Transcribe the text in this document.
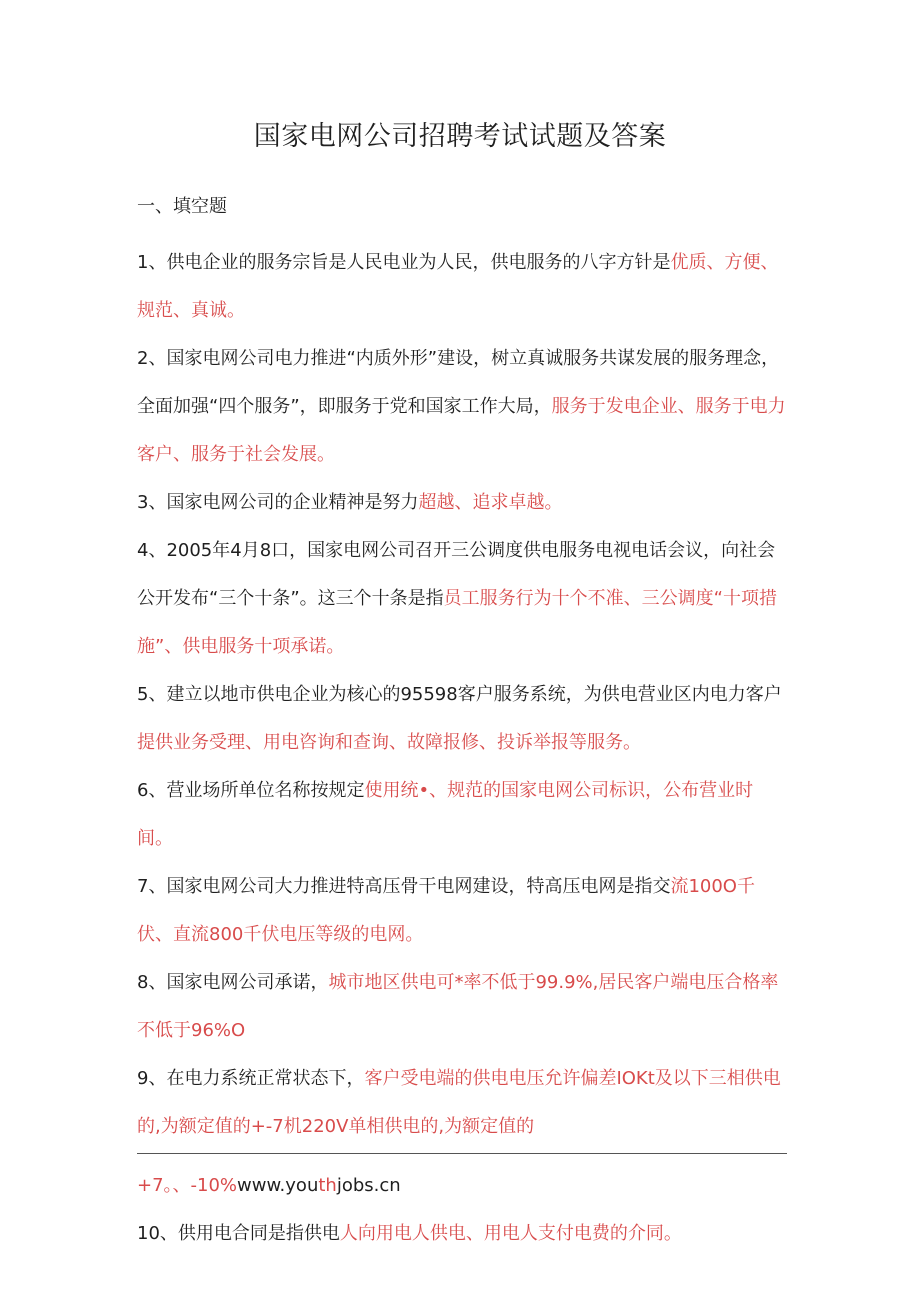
国家电网公司招聘考试试题及答案
一、填空题

1、供电企业的服务宗旨是人民电业为人民，供电服务的八字方针是优质、方便、规范、真诚。

2、国家电网公司电力推进“内质外形”建设，树立真诚服务共谋发展的服务理念，全面加强“四个服务”，即服务于党和国家工作大局，服务于发电企业、服务于电力客户、服务于社会发展。

3、国家电网公司的企业精神是努力超越、追求卓越。

4、2005年4月8口，国家电网公司召开三公调度供电服务电视电话会议，向社会公开发布“三个十条”。这三个十条是指员工服务行为十个不准、三公调度“十项措施”、供电服务十项承诺。

5、建立以地市供电企业为核心的95598客户服务系统，为供电营业区内电力客户提供业务受理、用电咨询和查询、故障报修、投诉举报等服务。

6、营业场所单位名称按规定使用统•、规范的国家电网公司标识，公布营业时间。

7、国家电网公司大力推进特高压骨干电网建设，特高压电网是指交流100O千伏、直流800千伏电压等级的电网。

8、国家电网公司承诺，城市地区供电可*率不低于99.9%,居民客户端电压合格率不低于96%O

9、在电力系统正常状态下，客户受电端的供电电压允许偏差IOKt及以下三相供电的,为额定值的+-7机220V单相供电的,为额定值的

+7。、-10%www.youthjobs.cn

10、供用电合同是指供电人向用电人供电、用电人支付电费的介同。
